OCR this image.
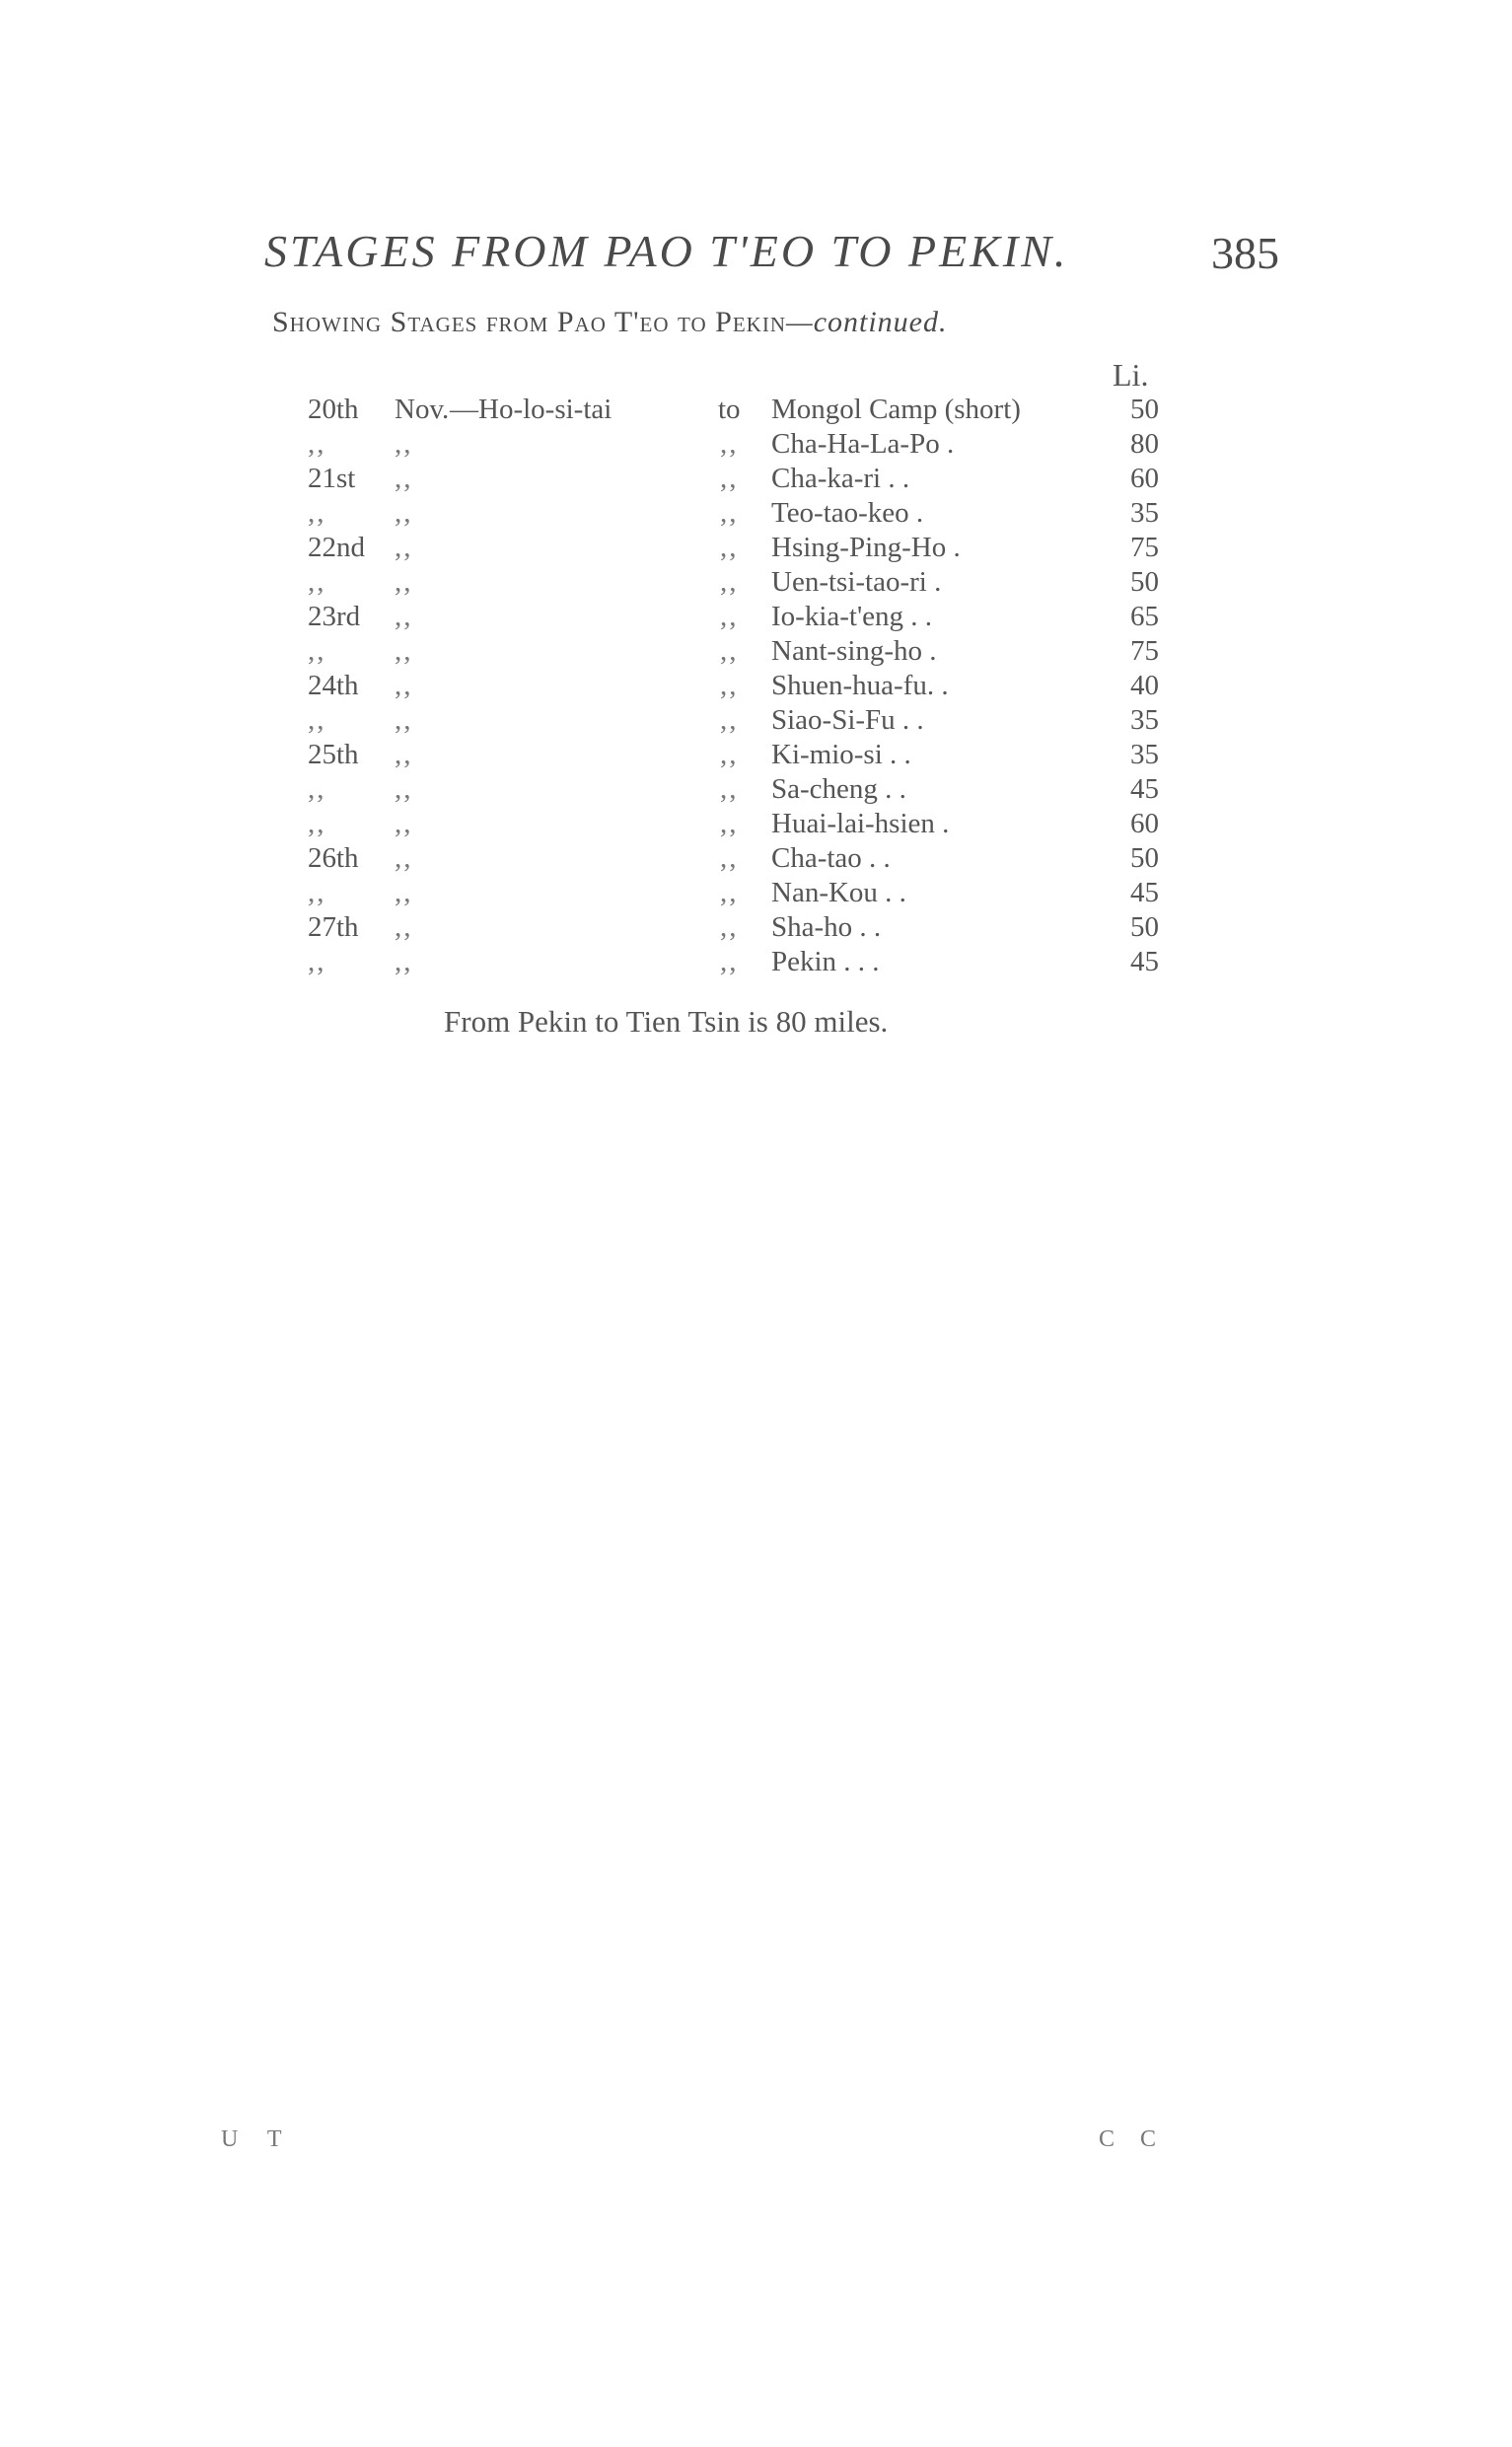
STAGES FROM PAO T'EO TO PEKIN.	385
Showing Stages from Pao T'eo to Pekin—continued.
Li.
20th Nov. —Ho-lo-si-tai	to Mongol Camp (short)	50
,, ,,	,, Cha-Ha-La-Po .	80
21st ,,	,, Cha-ka-ri . .	60
,, ,,	,, Teo-tao-keo .	35
22nd ,,	,, Hsing-Ping-Ho .	75
,, ,,	,, Uen-tsi-tao-ri .	50
23rd ,,	,, Io-kia-t'eng . .	65
,, ,,	,, Nant-sing-ho .	75
24th ,,	,, Shuen-hua-fu. .	40
,, ,,	,, Siao-Si-Fu . .	35
25th ,,	,, Ki-mio-si . .	35
,, ,,	,, Sa-cheng . .	45
,, ,,	,, Huai-lai-hsien .	60
26th ,,	,, Cha-tao . .	50
,, ,,	,, Nan-Kou . .	45
27th ,,	,, Sha-ho . .	50
,, ,,	,, Pekin . . .	45
From Pekin to Tien Tsin is 80 miles.
U T	C C
